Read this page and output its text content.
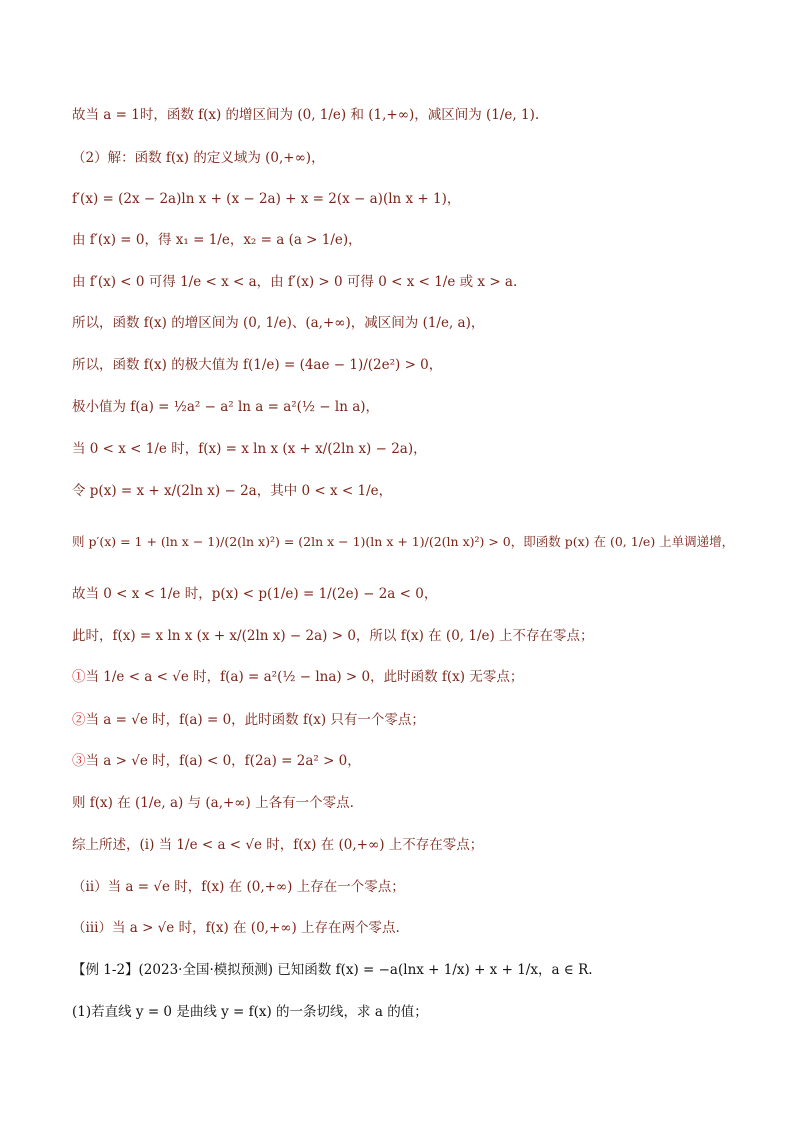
故当 a = 1时，函数 f(x) 的增区间为 (0, 1/e) 和 (1,+∞)，减区间为 (1/e, 1).
（2）解：函数 f(x) 的定义域为 (0,+∞)，
f′(x) = (2x − 2a)ln x + (x − 2a) + x = 2(x − a)(ln x + 1)，
由 f′(x) = 0，得 x₁ = 1/e，x₂ = a (a > 1/e)，
由 f′(x) < 0 可得 1/e < x < a，由 f′(x) > 0 可得 0 < x < 1/e 或 x > a.
所以，函数 f(x) 的增区间为 (0, 1/e)、(a,+∞)，减区间为 (1/e, a)，
所以，函数 f(x) 的极大值为 f(1/e) = (4ae − 1)/(2e²) > 0，
极小值为 f(a) = ½a² − a² ln a = a²(½ − ln a)，
当 0 < x < 1/e 时，f(x) = x ln x (x + x/(2ln x) − 2a)，
令 p(x) = x + x/(2ln x) − 2a，其中 0 < x < 1/e，
则 p′(x) = 1 + (ln x − 1)/(2(ln x)²) = (2ln x − 1)(ln x + 1)/(2(ln x)²) > 0，即函数 p(x) 在 (0, 1/e) 上单调递增，
故当 0 < x < 1/e 时，p(x) < p(1/e) = 1/(2e) − 2a < 0，
此时，f(x) = x ln x (x + x/(2ln x) − 2a) > 0，所以 f(x) 在 (0, 1/e) 上不存在零点；
①当 1/e < a < √e 时，f(a) = a²(½ − lna) > 0，此时函数 f(x) 无零点；
②当 a = √e 时，f(a) = 0，此时函数 f(x) 只有一个零点；
③当 a > √e 时，f(a) < 0，f(2a) = 2a² > 0，
则 f(x) 在 (1/e, a) 与 (a,+∞) 上各有一个零点.
综上所述，(ⅰ) 当 1/e < a < √e 时，f(x) 在 (0,+∞) 上不存在零点；
（ⅱ）当 a = √e 时，f(x) 在 (0,+∞) 上存在一个零点；
（ⅲ）当 a > √e 时，f(x) 在 (0,+∞) 上存在两个零点.
【例 1-2】(2023·全国·模拟预测) 已知函数 f(x) = −a(lnx + 1/x) + x + 1/x，a ∈ R.
(1)若直线 y = 0 是曲线 y = f(x) 的一条切线，求 a 的值；
